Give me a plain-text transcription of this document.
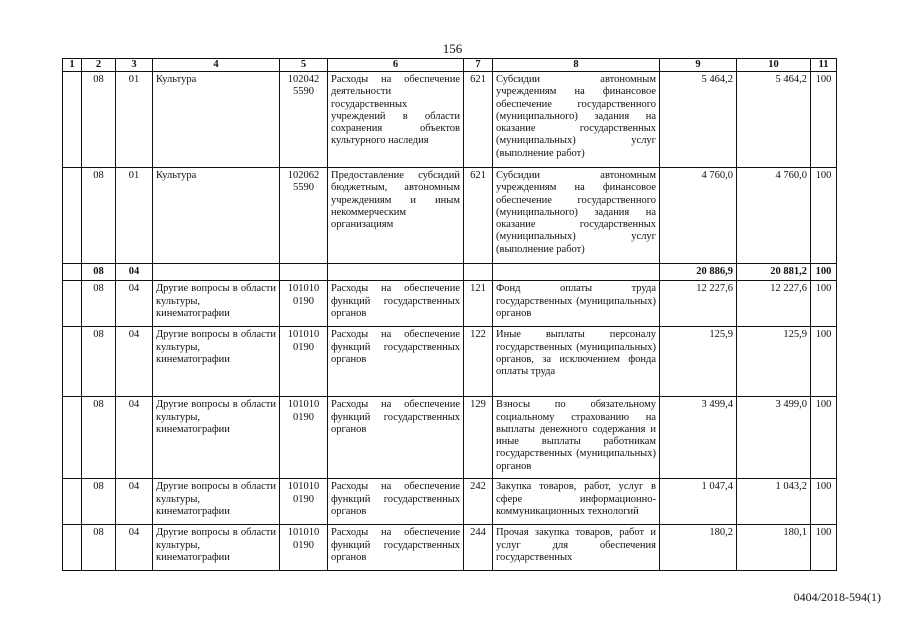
156
1	2	3	4	5	6	7	8	9	10	11
	08	01	Культура	102042 5590	Расходы на обеспечение деятельности государственных учреждений в области сохранения объектов культурного наследия	621	Субсидии автономным учреждениям на финансовое обеспечение государственного (муниципального) задания на оказание государственных (муниципальных) услуг (выполнение работ)	5 464,2	5 464,2	100
	08	01	Культура	102062 5590	Предоставление субсидий бюджетным, автономным учреждениям и иным некоммерческим организациям	621	Субсидии автономным учреждениям на финансовое обеспечение государственного (муниципального) задания на оказание государственных (муниципальных) услуг (выполнение работ)	4 760,0	4 760,0	100
	08	04						20 886,9	20 881,2	100
	08	04	Другие вопросы в области культуры, кинематографии	101010 0190	Расходы на обеспечение функций государственных органов	121	Фонд оплаты труда государственных (муниципальных) органов	12 227,6	12 227,6	100
	08	04	Другие вопросы в области культуры, кинематографии	101010 0190	Расходы на обеспечение функций государственных органов	122	Иные выплаты персоналу государственных (муниципальных) органов, за исключением фонда оплаты труда	125,9	125,9	100
	08	04	Другие вопросы в области культуры, кинематографии	101010 0190	Расходы на обеспечение функций государственных органов	129	Взносы по обязательному социальному страхованию на выплаты денежного содержания и иные выплаты работникам государственных (муниципальных) органов	3 499,4	3 499,0	100
	08	04	Другие вопросы в области культуры, кинематографии	101010 0190	Расходы на обеспечение функций государственных органов	242	Закупка товаров, работ, услуг в сфере информационно-коммуникационных технологий	1 047,4	1 043,2	100
	08	04	Другие вопросы в области культуры, кинематографии	101010 0190	Расходы на обеспечение функций государственных органов	244	Прочая закупка товаров, работ и услуг для обеспечения государственных	180,2	180,1	100
0404/2018-594(1)
